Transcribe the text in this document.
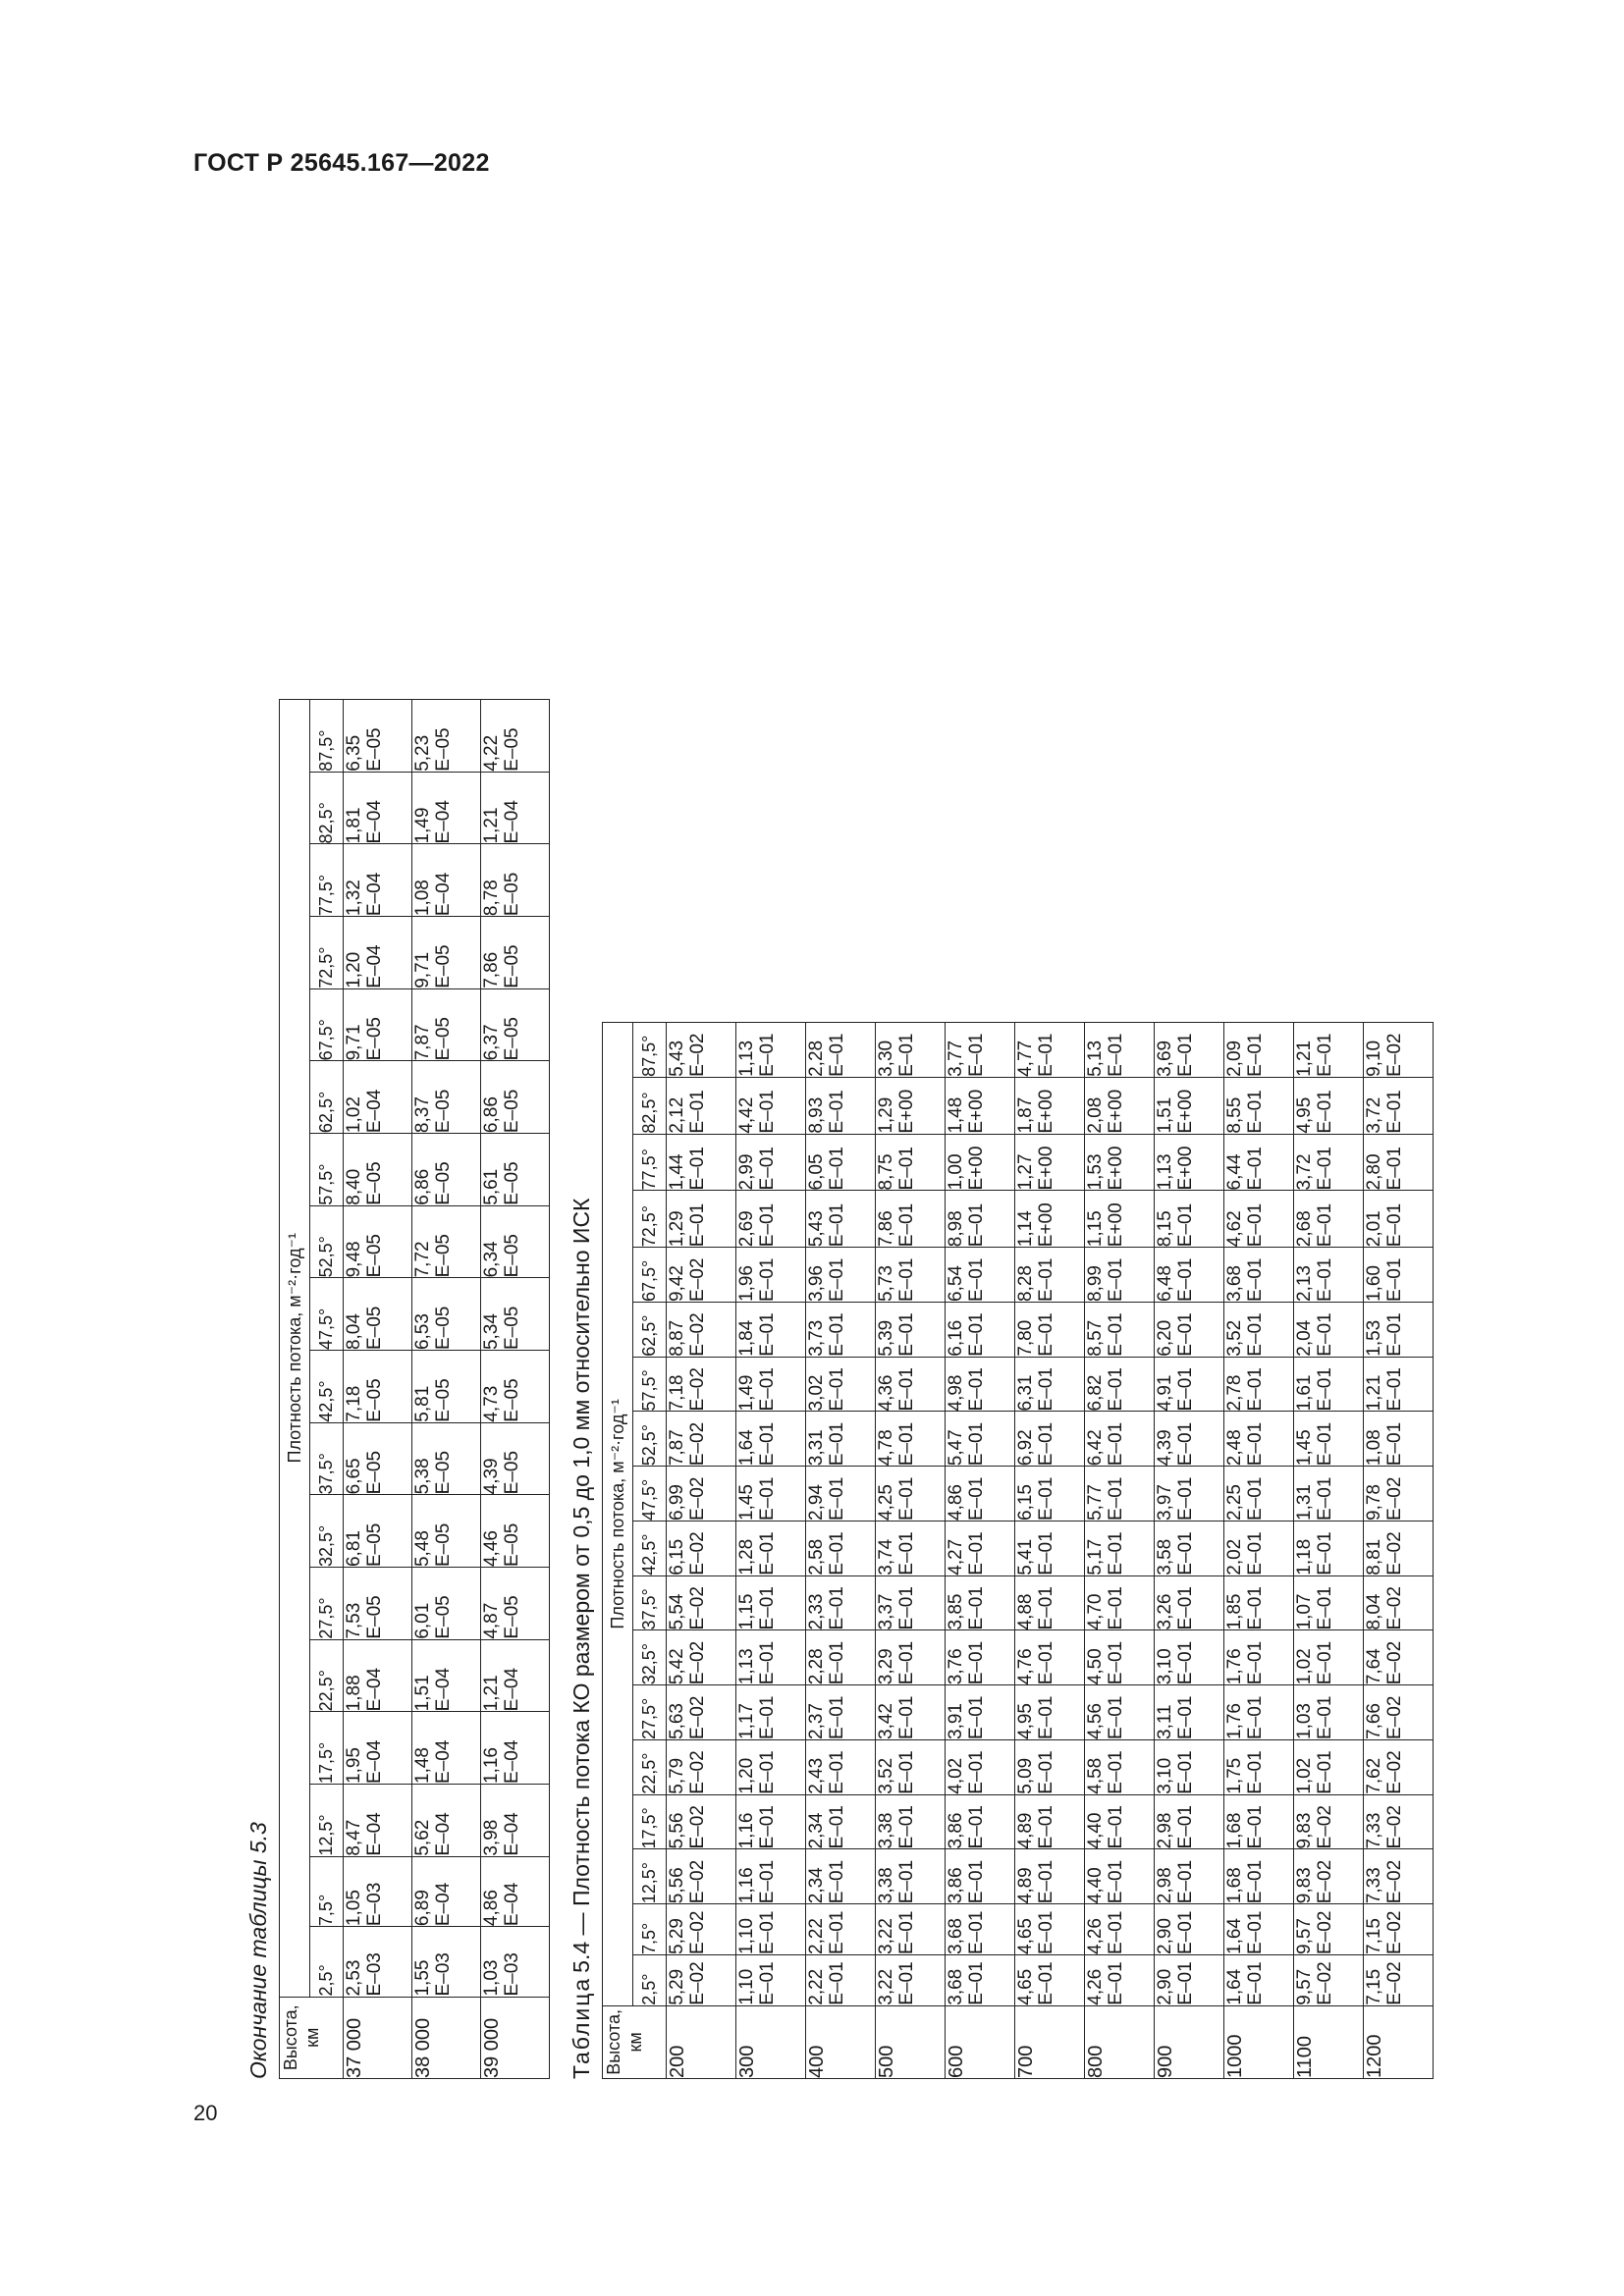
ГОСТ Р 25645.167—2022
20
Окончание таблицы 5.3 Высота, км	Плотность потока, м⁻²·год⁻¹																	
	2,5°	7,5°	12,5°	17,5°	22,5°	27,5°	32,5°	37,5°	42,5°	47,5°	52,5°	57,5°	62,5°	67,5°	72,5°	77,5°	82,5°	87,5°
37 000	2,53 E–03	1,05 E–03	8,47 E–04	1,95 E–04	1,88 E–04	7,53 E–05	6,81 E–05	6,65 E–05	7,18 E–05	8,04 E–05	9,48 E–05	8,40 E–05	1,02 E–04	9,71 E–05	1,20 E–04	1,32 E–04	1,81 E–04	6,35 E–05

38 000	1,55 E–03	6,89 E–04	5,62 E–04	1,48 E–04	1,51 E–04	6,01 E–05	5,48 E–05	5,38 E–05	5,81 E–05	6,53 E–05	7,72 E–05	6,86 E–05	8,37 E–05	7,87 E–05	9,71 E–05	1,08 E–04	1,49 E–04	5,23 E–05

39 000	1,03 E–03	4,86 E–04	3,98 E–04	1,16 E–04	1,21 E–04	4,87 E–05	4,46 E–05	4,39 E–05	4,73 E–05	5,34 E–05	6,34 E–05	5,61 E–05	6,86 E–05	6,37 E–05	7,86 E–05	8,78 E–05	1,21 E–04	4,22 E–05
Таблица5.4 — Плотность потока КО размером от 0,5 до 1,0 мм относительно ИСК
Высота, км	Плотность потока, м⁻²·год⁻¹																	
	2,5°	7,5°	12,5°	17,5°	22,5°	27,5°	32,5°	37,5°	42,5°	47,5°	52,5°	57,5°	62,5°	67,5°	72,5°	77,5°	82,5°	87,5°
200	5,29 E–02	5,29 E–02	5,56 E–02	5,56 E–02	5,79 E–02	5,63 E–02	5,42 E–02	5,54 E–02	6,15 E–02	6,99 E–02	7,87 E–02	7,18 E–02	8,87 E–02	9,42 E–02	1,29 E–01	1,44 E–01	2,12 E–01	5,43 E–02

300	1,10 E–01	1,10 E–01	1,16 E–01	1,16 E–01	1,20 E–01	1,17 E–01	1,13 E–01	1,15 E–01	1,28 E–01	1,45 E–01	1,64 E–01	1,49 E–01	1,84 E–01	1,96 E–01	2,69 E–01	2,99 E–01	4,42 E–01	1,13 E–01

400	2,22 E–01	2,22 E–01	2,34 E–01	2,34 E–01	2,43 E–01	2,37 E–01	2,28 E–01	2,33 E–01	2,58 E–01	2,94 E–01	3,31 E–01	3,02 E–01	3,73 E–01	3,96 E–01	5,43 E–01	6,05 E–01	8,93 E–01	2,28 E–01

500	3,22 E–01	3,22 E–01	3,38 E–01	3,38 E–01	3,52 E–01	3,42 E–01	3,29 E–01	3,37 E–01	3,74 E–01	4,25 E–01	4,78 E–01	4,36 E–01	5,39 E–01	5,73 E–01	7,86 E–01	8,75 E–01	1,29 E+00	3,30 E–01

600	3,68 E–01	3,68 E–01	3,86 E–01	3,86 E–01	4,02 E–01	3,91 E–01	3,76 E–01	3,85 E–01	4,27 E–01	4,86 E–01	5,47 E–01	4,98 E–01	6,16 E–01	6,54 E–01	8,98 E–01	1,00 E+00	1,48 E+00	3,77 E–01

700	4,65 E–01	4,65 E–01	4,89 E–01	4,89 E–01	5,09 E–01	4,95 E–01	4,76 E–01	4,88 E–01	5,41 E–01	6,15 E–01	6,92 E–01	6,31 E–01	7,80 E–01	8,28 E–01	1,14 E+00	1,27 E+00	1,87 E+00	4,77 E–01

800	4,26 E–01	4,26 E–01	4,40 E–01	4,40 E–01	4,58 E–01	4,56 E–01	4,50 E–01	4,70 E–01	5,17 E–01	5,77 E–01	6,42 E–01	6,82 E–01	8,57 E–01	8,99 E–01	1,15 E+00	1,53 E+00	2,08 E+00	5,13 E–01

900	2,90 E–01	2,90 E–01	2,98 E–01	2,98 E–01	3,10 E–01	3,11 E–01	3,10 E–01	3,26 E–01	3,58 E–01	3,97 E–01	4,39 E–01	4,91 E–01	6,20 E–01	6,48 E–01	8,15 E–01	1,13 E+00	1,51 E+00	3,69 E–01

1000	1,64 E–01	1,64 E–01	1,68 E–01	1,68 E–01	1,75 E–01	1,76 E–01	1,76 E–01	1,85 E–01	2,02 E–01	2,25 E–01	2,48 E–01	2,78 E–01	3,52 E–01	3,68 E–01	4,62 E–01	6,44 E–01	8,55 E–01	2,09 E–01

1100	9,57 E–02	9,57 E–02	9,83 E–02	9,83 E–02	1,02 E–01	1,03 E–01	1,02 E–01	1,07 E–01	1,18 E–01	1,31 E–01	1,45 E–01	1,61 E–01	2,04 E–01	2,13 E–01	2,68 E–01	3,72 E–01	4,95 E–01	1,21 E–01

1200	7,15 E–02	7,15 E–02	7,33 E–02	7,33 E–02	7,62 E–02	7,66 E–02	7,64 E–02	8,04 E–02	8,81 E–02	9,78 E–02	1,08 E–01	1,21 E–01	1,53 E–01	1,60 E–01	2,01 E–01	2,80 E–01	3,72 E–01	9,10 E–02
